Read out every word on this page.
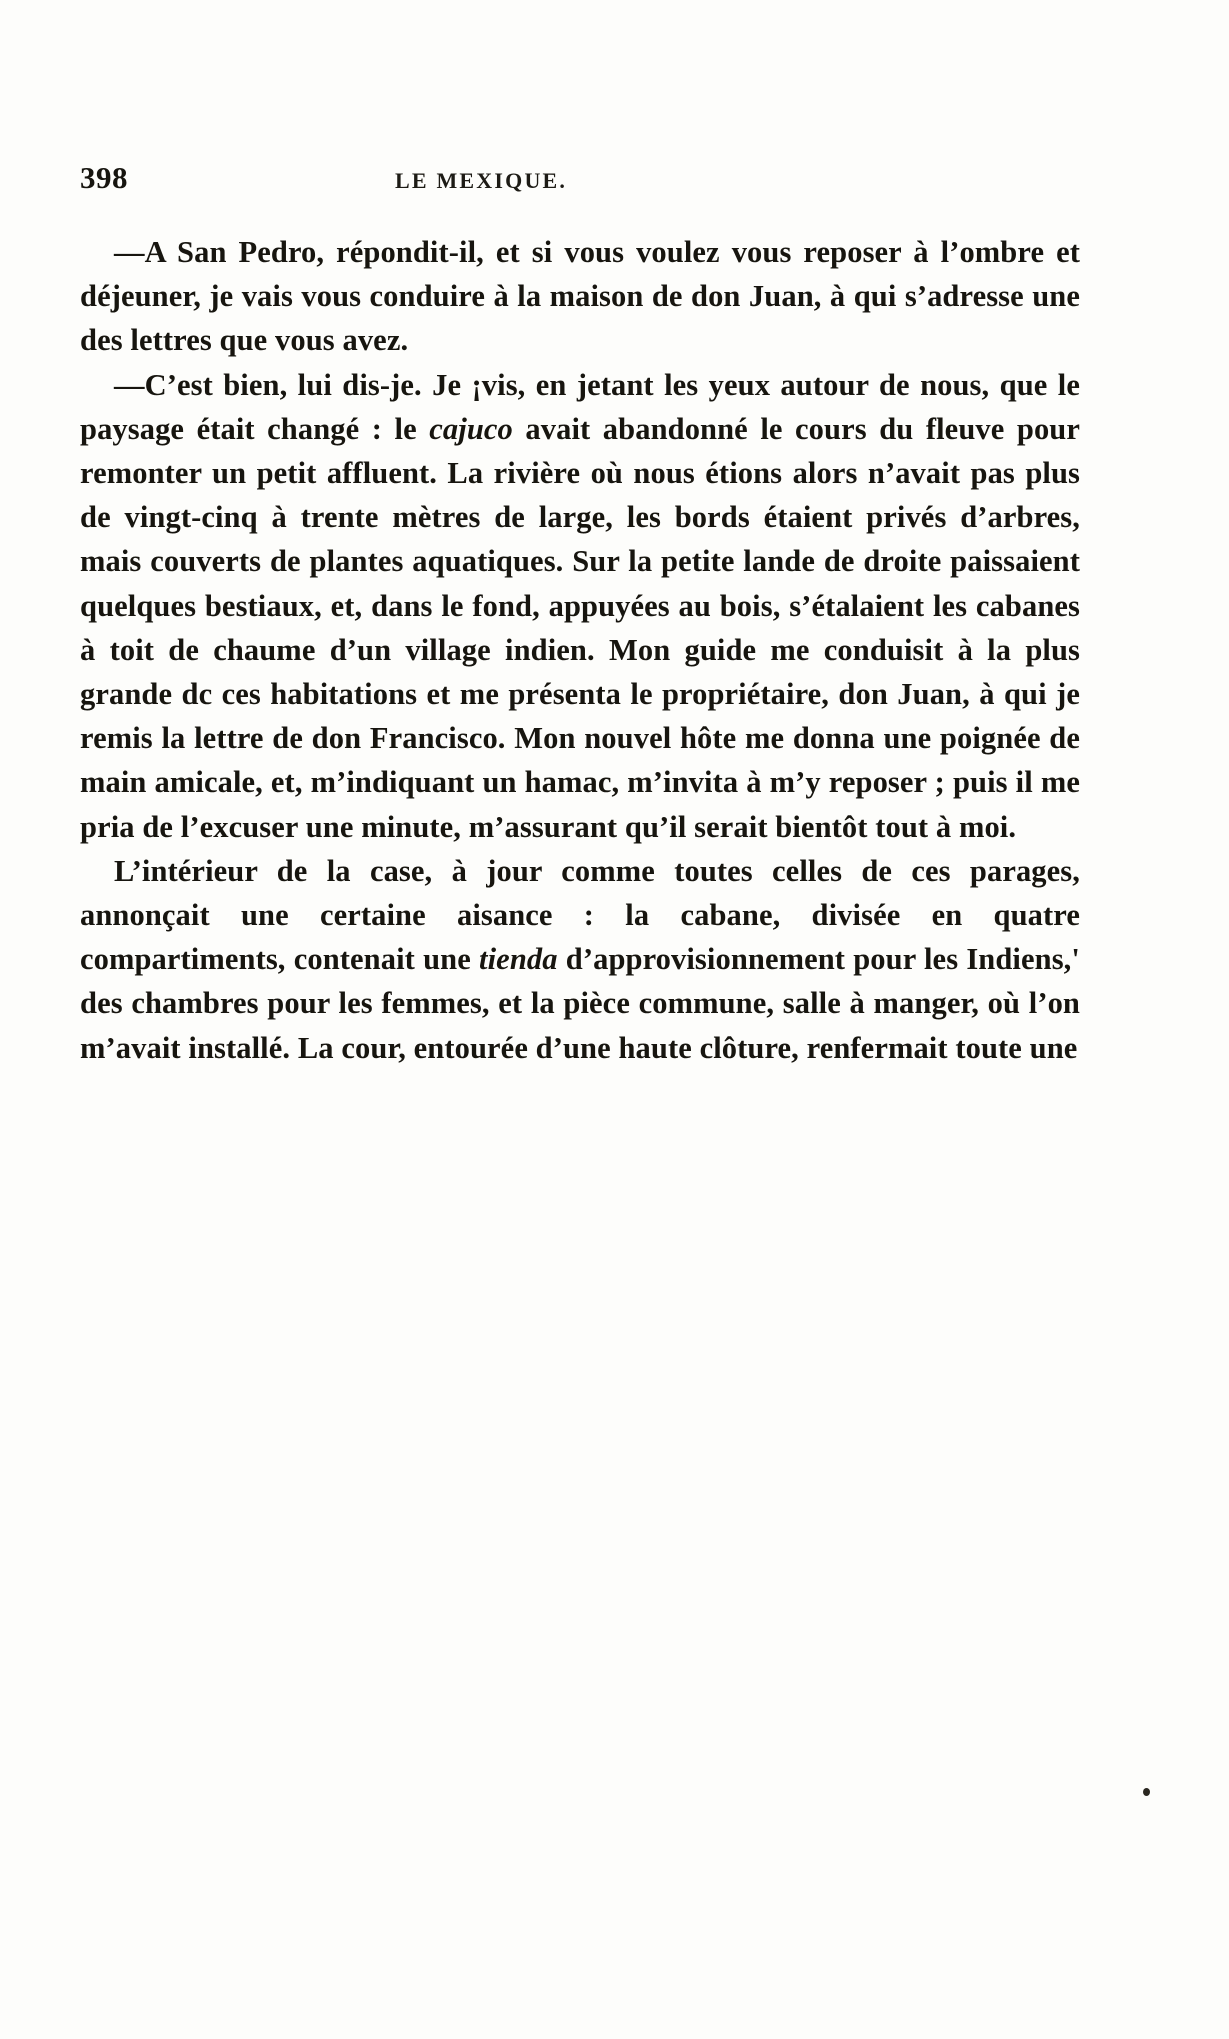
398	LE MEXIQUE.

—A San Pedro, répondit-il, et si vous voulez vous reposer à l’ombre et déjeuner, je vais vous conduire à la maison de don Juan, à qui s’adresse une des lettres que vous avez.

—C’est bien, lui dis-je. Je ¡vis, en jetant les yeux autour de nous, que le paysage était changé : le cajuco avait abandonné le cours du fleuve pour remonter un petit affluent. La rivière où nous étions alors n’avait pas plus de vingt-cinq à trente mètres de large, les bords étaient privés d’arbres, mais couverts de plantes aquatiques. Sur la petite lande de droite paissaient quelques bestiaux, et, dans le fond, appuyées au bois, s’étalaient les cabanes à toit de chaume d’un village indien. Mon guide me conduisit à la plus grande dc ces habitations et me présenta le propriétaire, don Juan, à qui je remis la lettre de don Francisco. Mon nouvel hôte me donna une poignée de main amicale, et, m’indiquant un hamac, m’invita à m’y reposer ; puis il me pria de l’excuser une minute, m’assurant qu’il serait bientôt tout à moi.

L’intérieur de la case, à jour comme toutes celles de ces parages, annonçait une certaine aisance : la cabane, divisée en quatre compartiments, contenait une tienda d’approvisionnement pour les Indiens,' des chambres pour les femmes, et la pièce commune, salle à manger, où l’on m’avait installé. La cour, entourée d’une haute clôture, renfermait toute une
